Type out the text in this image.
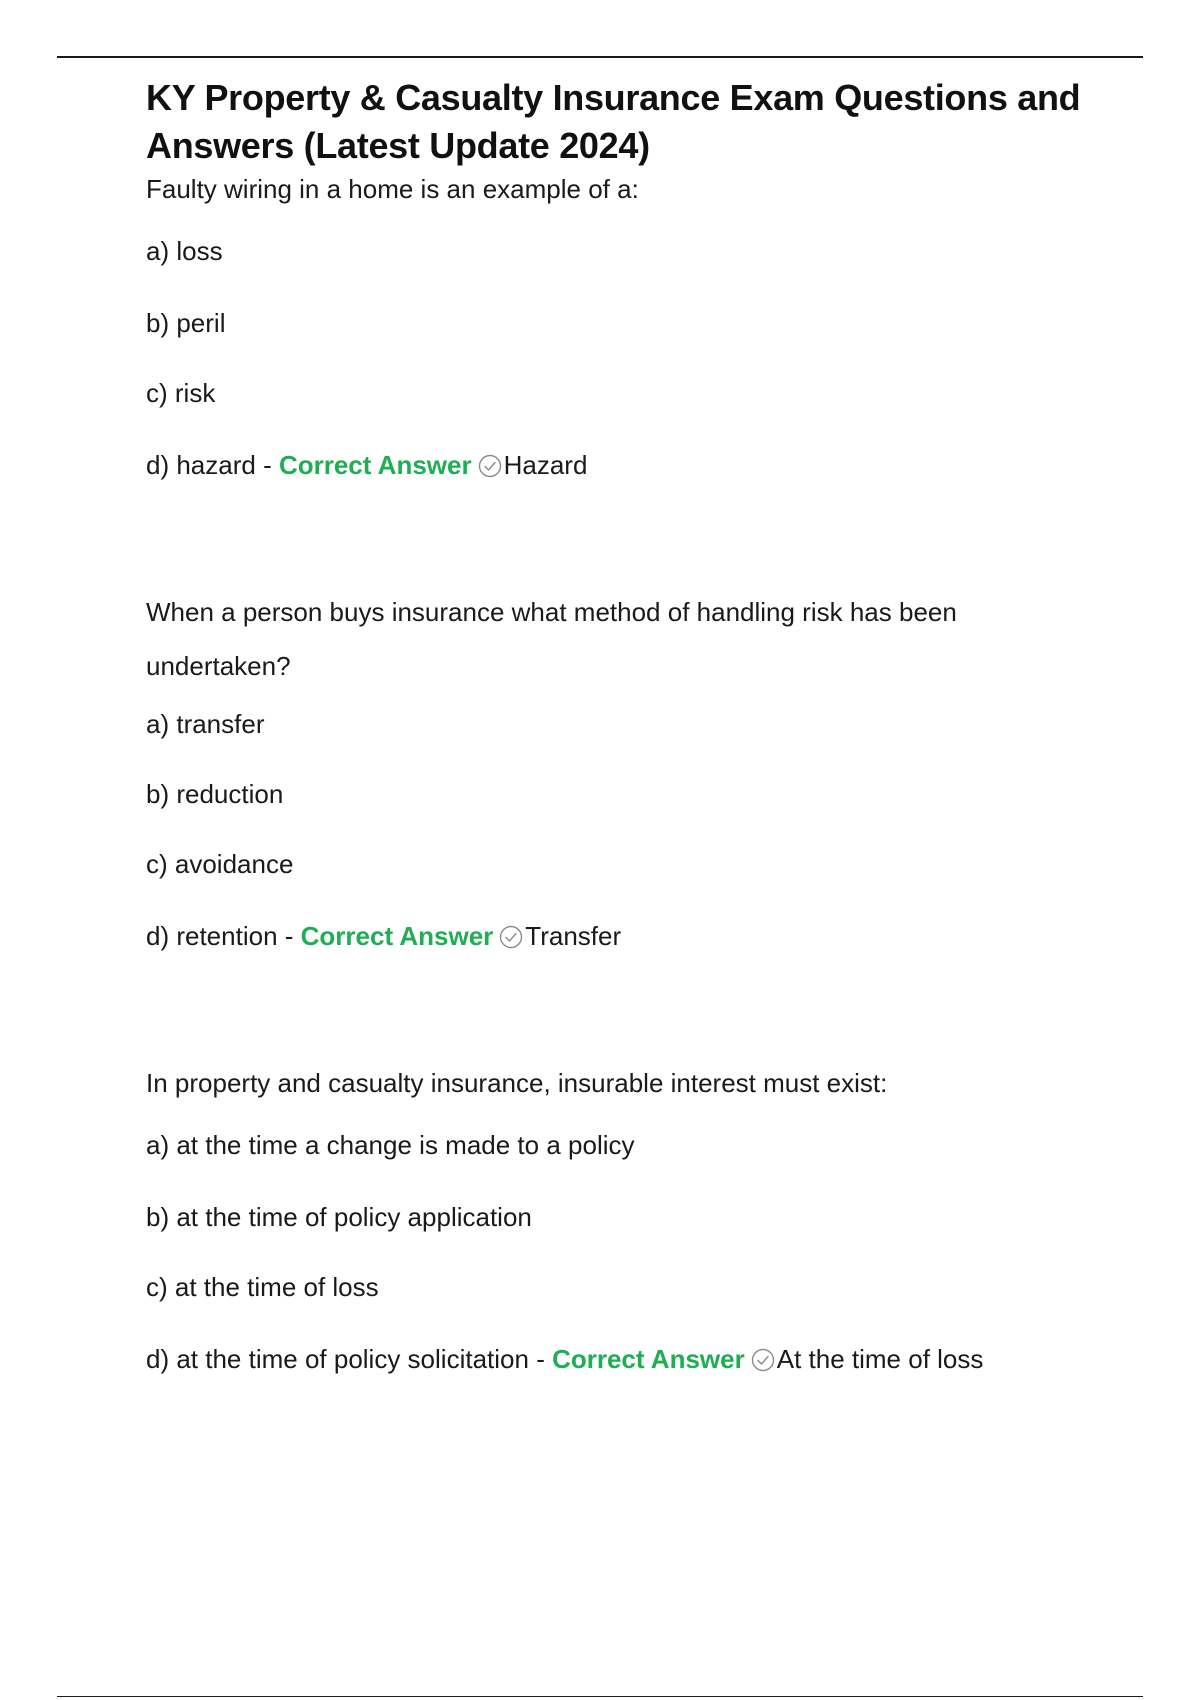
KY Property & Casualty Insurance Exam Questions and
Answers (Latest Update 2024)

Faulty wiring in a home is an example of a:

a) loss

b) peril

c) risk

d) hazard - Correct Answer Hazard

When a person buys insurance what method of handling risk has been

undertaken?

a) transfer

b) reduction

c) avoidance

d) retention - Correct Answer Transfer

In property and casualty insurance, insurable interest must exist:

a) at the time a change is made to a policy

b) at the time of policy application

c) at the time of loss

d) at the time of policy solicitation - Correct Answer At the time of loss
